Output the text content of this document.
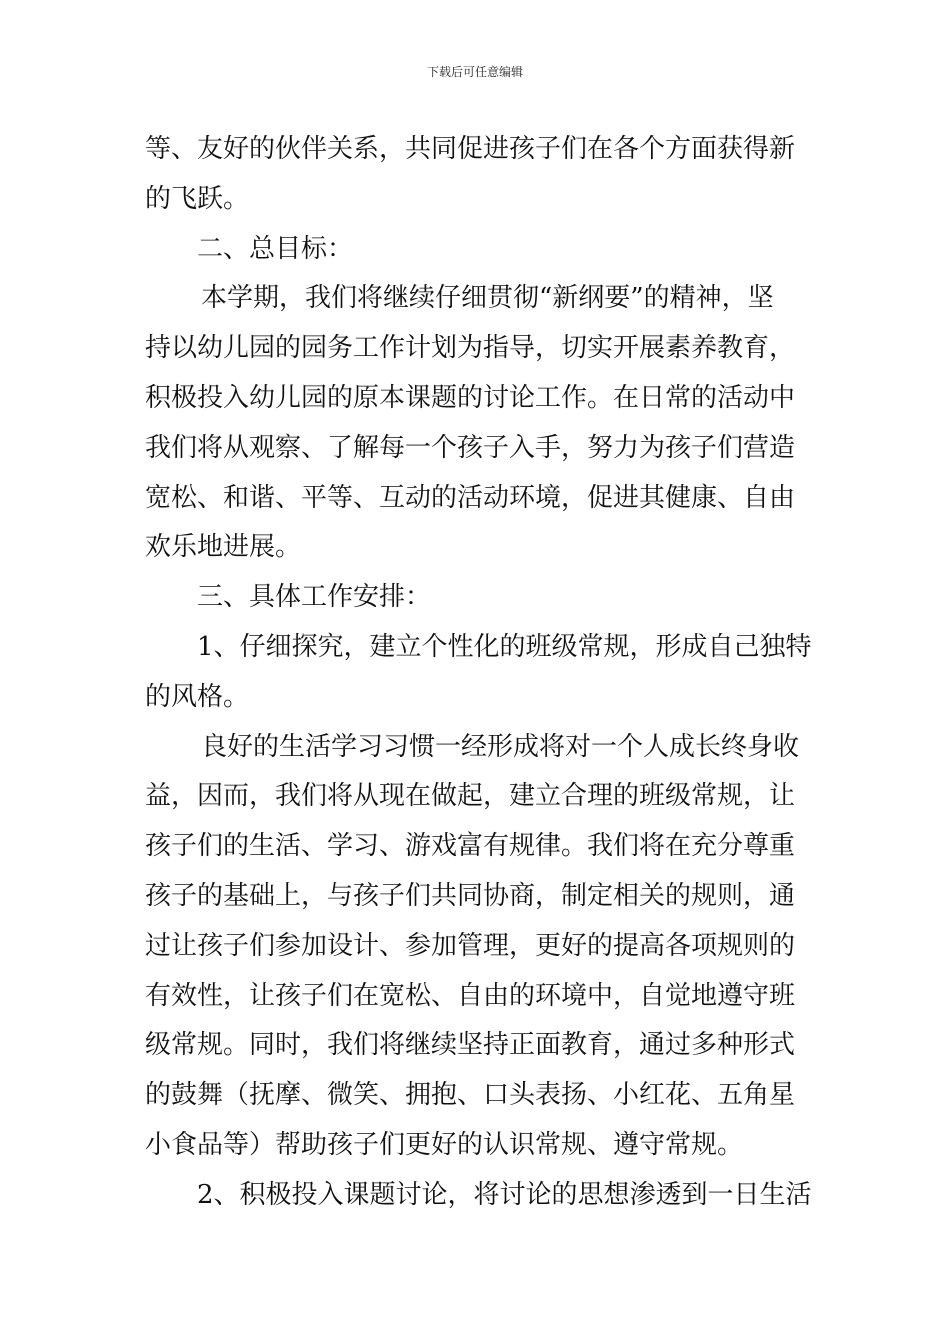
下载后可任意编辑
等、友好的伙伴关系，共同促进孩子们在各个方面获得新
的飞跃。
二、总目标：
本学期，我们将继续仔细贯彻“新纲要”的精神，坚
持以幼儿园的园务工作计划为指导，切实开展素养教育，
积极投入幼儿园的原本课题的讨论工作。在日常的活动中
我们将从观察、了解每一个孩子入手，努力为孩子们营造
宽松、和谐、平等、互动的活动环境，促进其健康、自由
欢乐地进展。
三、具体工作安排：
1、仔细探究，建立个性化的班级常规，形成自己独特
的风格。
良好的生活学习习惯一经形成将对一个人成长终身收
益，因而，我们将从现在做起，建立合理的班级常规，让
孩子们的生活、学习、游戏富有规律。我们将在充分尊重
孩子的基础上，与孩子们共同协商，制定相关的规则，通
过让孩子们参加设计、参加管理，更好的提高各项规则的
有效性，让孩子们在宽松、自由的环境中，自觉地遵守班
级常规。同时，我们将继续坚持正面教育，通过多种形式
的鼓舞（抚摩、微笑、拥抱、口头表扬、小红花、五角星
小食品等）帮助孩子们更好的认识常规、遵守常规。
2、积极投入课题讨论，将讨论的思想渗透到一日生活
